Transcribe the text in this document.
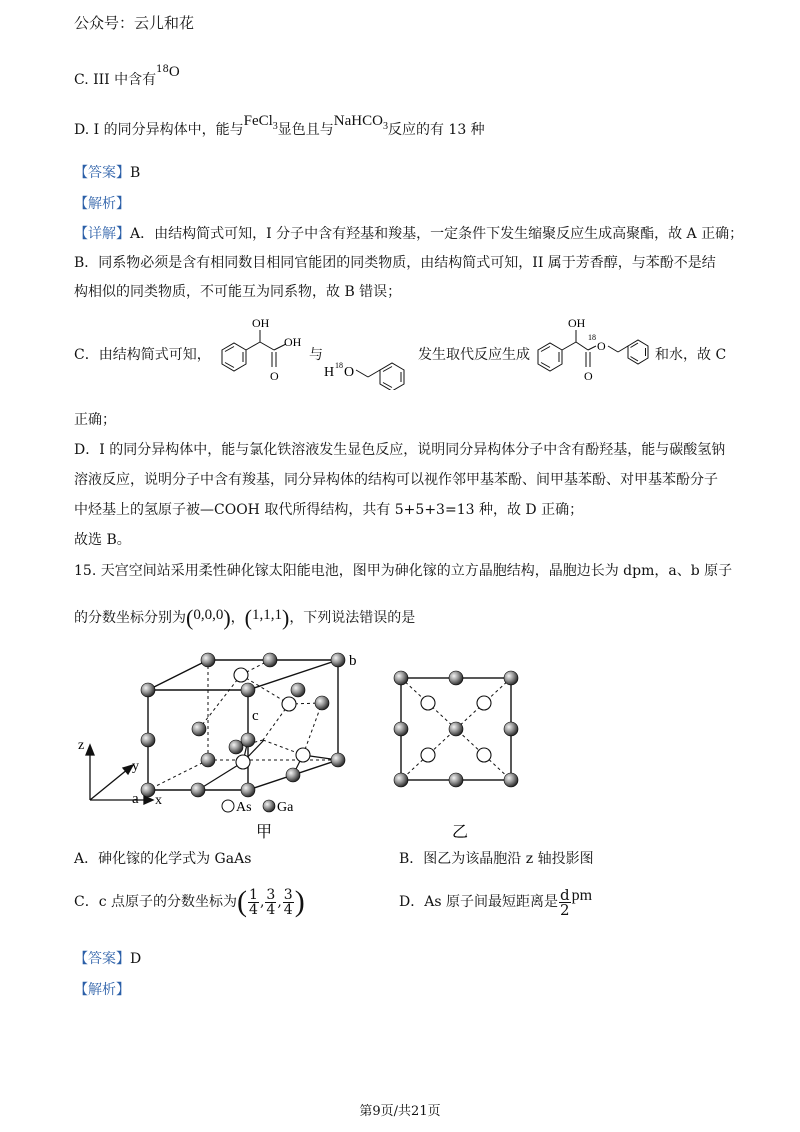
公众号：云儿和花
C. III 中含有$^{18}$O
D. I 的同分异构体中，能与FeCl$_3$显色且与NaHCO$_3$反应的有 13 种
【答案】B
【解析】
【详解】A．由结构简式可知，I 分子中含有羟基和羧基，一定条件下发生缩聚反应生成高聚酯，故 A 正确；
B．同系物必须是含有相同数目相同官能团的同类物质，由结构简式可知，II 属于芳香醇，与苯酚不是结
构相似的同类物质，不可能互为同系物，故 B 错误；
C．由结构简式可知，
OH
OH
O
与
H 18 O
发生取代反应生成
OH
18
O
O
和水，故 C
正确；
D．I 的同分异构体中，能与氯化铁溶液发生显色反应，说明同分异构体分子中含有酚羟基，能与碳酸氢钠
溶液反应，说明分子中含有羧基，同分异构体的结构可以视作邻甲基苯酚、间甲基苯酚、对甲基苯酚分子
中烃基上的氢原子被—COOH 取代所得结构，共有 5+5+3=13 种，故 D 正确；
故选 B。
15. 天宫空间站采用柔性砷化镓太阳能电池，图甲为砷化镓的立方晶胞结构，晶胞边长为 dpm，a、b 原子
的分数坐标分别为(0,0,0)，(1,1,1)，下列说法错误的是
b
c
a
z
x
y
As Ga
甲	乙
A．砷化镓的化学式为 GaAs	B．图乙为该晶胞沿 z 轴投影图
C．c 点原子的分数坐标为 ( $\frac{1}{4}$ , $\frac{3}{4}$ , $\frac{3}{4}$ )	D．As 原子间最短距离是 $\frac{d}{2}$ pm
【答案】D
【解析】
第9页/共21页
